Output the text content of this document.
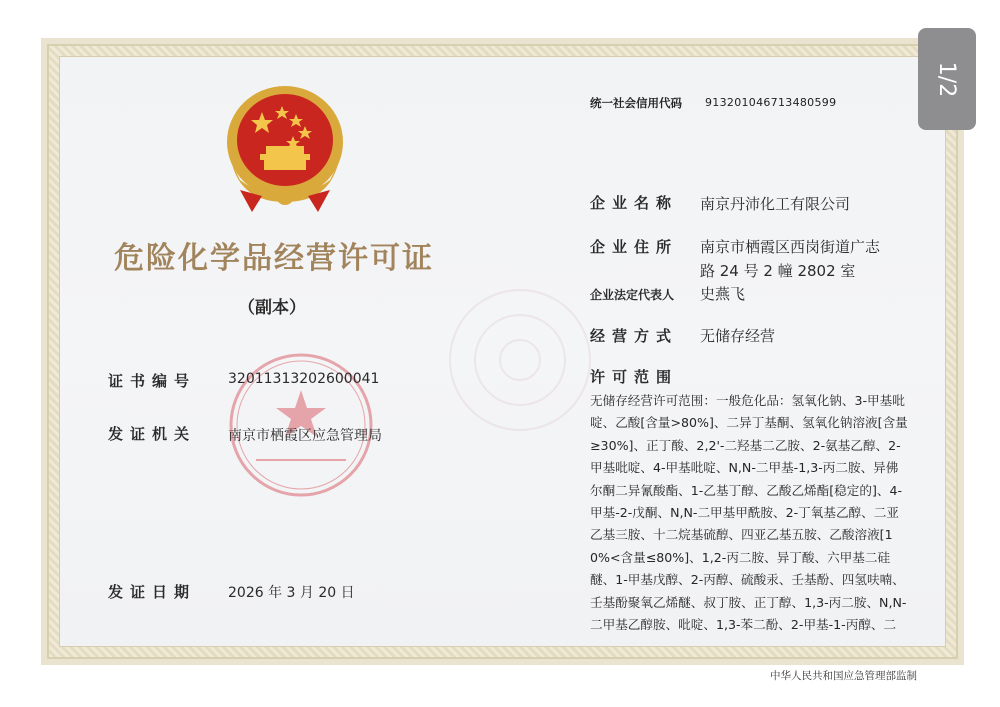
危险化学品经营许可证
（副本）
证书编号 32011313202600041
发证机关 南京市栖霞区应急管理局
发证日期 2026 年 3 月 20 日
统一社会信用代码 913201046713480599
企业名称 南京丹沛化工有限公司
企业住所 南京市栖霞区西岗街道广志
路 24 号 2 幢 2802 室
企业法定代表人 史燕飞
经营方式 无储存经营
许可范围
无储存经营许可范围：一般危化品：氢氧化钠、3-甲基吡啶、乙酸[含量>80%]、二异丁基酮、氢氧化钠溶液[含量≥30%]、正丁酸、2,2'-二羟基二乙胺、2-氨基乙醇、2-甲基吡啶、4-甲基吡啶、N,N-二甲基-1,3-丙二胺、异佛尔酮二异氰酸酯、1-乙基丁醇、乙酸乙烯酯[稳定的]、4-甲基-2-戊酮、N,N-二甲基甲酰胺、2-丁氧基乙醇、二亚乙基三胺、十二烷基硫醇、四亚乙基五胺、乙酸溶液[10%<含量≤80%]、1,2-丙二胺、异丁酸、六甲基二硅醚、1-甲基戊醇、2-丙醇、硫酸汞、壬基酚、四氢呋喃、壬基酚聚氧乙烯醚、叔丁胺、正丁醇、1,3-丙二胺、N,N-二甲基乙醇胺、吡啶、1,3-苯二酚、2-甲基-1-丙醇、二
中华人民共和国应急管理部监制
1/2
